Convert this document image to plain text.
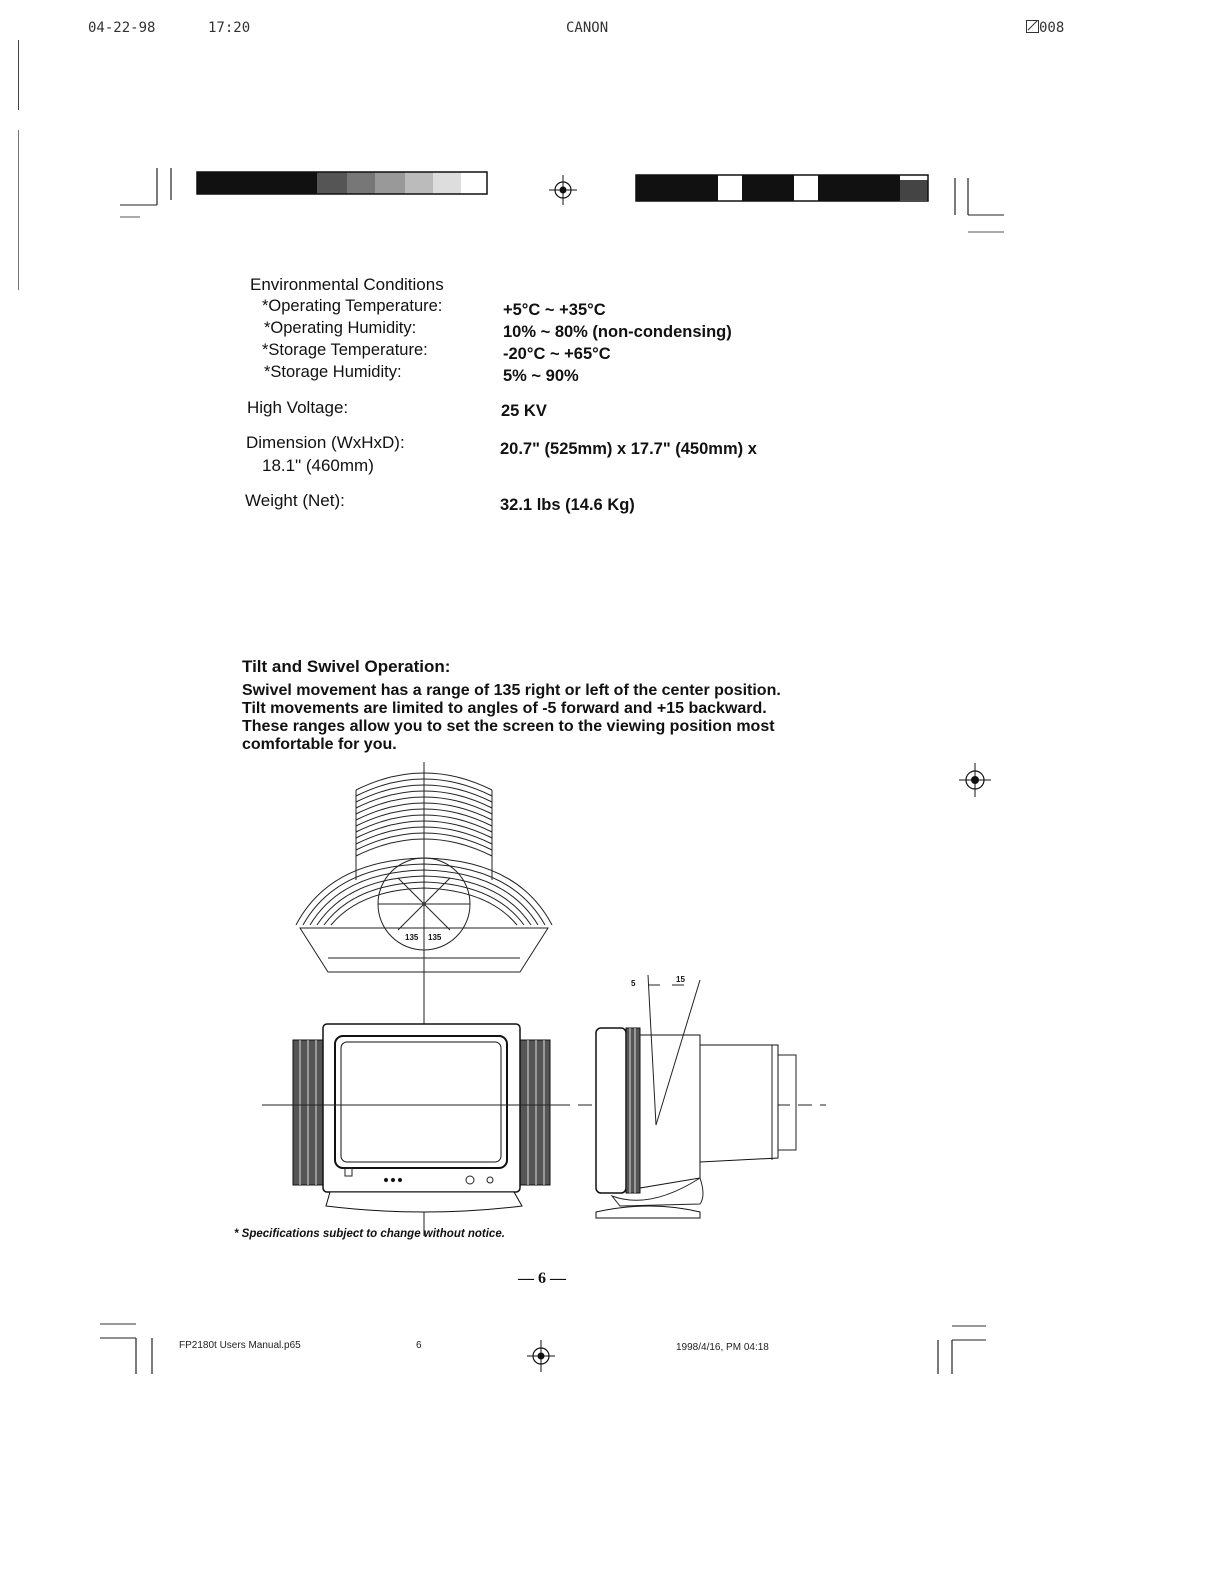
04-22-98	17:20	CANON	008
Environmental Conditions
*Operating Temperature:	+5°C ~ +35°C
*Operating Humidity:	10% ~ 80% (non-condensing)
*Storage Temperature:	-20°C ~ +65°C
*Storage Humidity:	5% ~ 90%
High Voltage:	25 KV
Dimension (WxHxD):	20.7" (525mm) x 17.7" (450mm) x
18.1" (460mm)
Weight (Net):	32.1 lbs (14.6 Kg)
Tilt and Swivel Operation:
Swivel movement has a range of 135 right or left of the center position.
Tilt movements are limited to angles of -5 forward and +15 backward.
These ranges allow you to set the screen to the viewing position most
comfortable for you.
135 135
5	15
* Specifications subject to change without notice.
— 6 —
FP2180t Users Manual.p65	6	1998/4/16, PM 04:18
